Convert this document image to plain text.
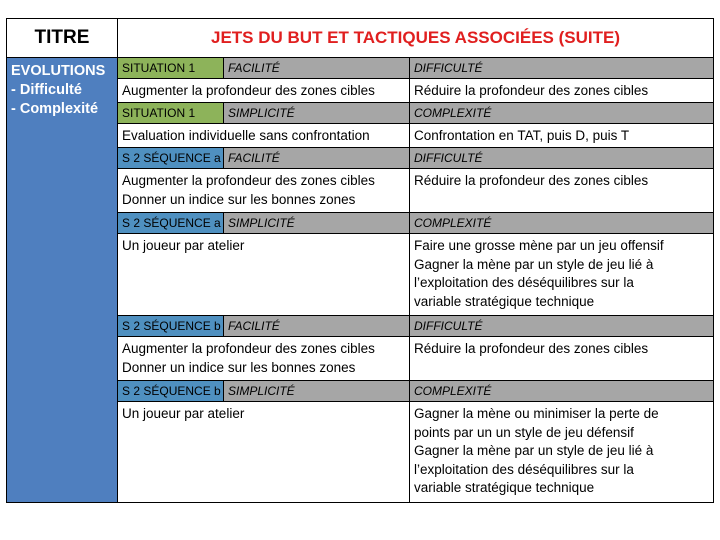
TITRE	JETS DU BUT ET TACTIQUES ASSOCIÉES (SUITE)		

EVOLUTIONS
- Difficulté
- Complexité	SITUATION 1	FACILITÉ	DIFFICULTÉ

	Augmenter la profondeur des zones cibles		Réduire la profondeur des zones cibles

	SITUATION 1	SIMPLICITÉ	COMPLEXITÉ

	Evaluation individuelle sans confrontation		Confrontation en TAT, puis D, puis T

	S 2 SÉQUENCE a	FACILITÉ	DIFFICULTÉ

	Augmenter la profondeur des zones cibles
Donner un indice sur les bonnes zones		Réduire la profondeur des zones cibles

	S 2 SÉQUENCE a	SIMPLICITÉ	COMPLEXITÉ

	Un joueur par atelier		Faire une grosse mène par un jeu offensif
Gagner la mène par un style de jeu lié à
l’exploitation des déséquilibres sur la
variable stratégique technique

	S 2 SÉQUENCE b	FACILITÉ	DIFFICULTÉ

	Augmenter la profondeur des zones cibles
Donner un indice sur les bonnes zones		Réduire la profondeur des zones cibles

	S 2 SÉQUENCE b	SIMPLICITÉ	COMPLEXITÉ

	Un joueur par atelier		Gagner la mène ou minimiser la perte de
points par un un style de jeu défensif
Gagner la mène par un style de jeu lié à
l’exploitation des déséquilibres sur la
variable stratégique technique
